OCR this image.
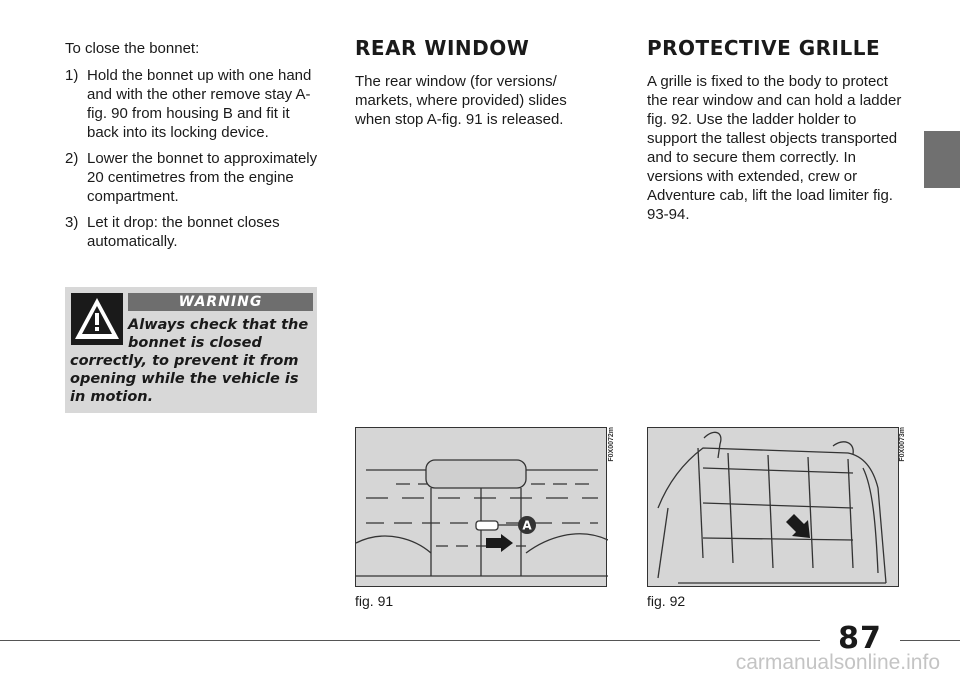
To close the bonnet:

1) Hold the bonnet up with one hand and with the other remove stay A-fig. 90 from housing B and fit it back into its locking device.
2) Lower the bonnet to approximately 20 centimetres from the engine compartment.
3) Let it drop: the bonnet closes automatically.
WARNING
Always check that the
bonnet is closed
correctly, to prevent it from opening while the vehicle is in motion.
REAR WINDOW

The rear window (for versions/ markets, where provided) slides when stop A-fig. 91 is released.

PROTECTIVE GRILLE

A grille is fixed to the body to protect the rear window and can hold a ladder fig. 92. Use the ladder holder to support the tallest objects transported and to secure them correctly. In versions with extended, crew or Adventure cab, lift the load limiter fig. 93-94.

A
F0X0072m
fig. 91
F0X0073m
fig. 92
87
carmanualsonline.info
